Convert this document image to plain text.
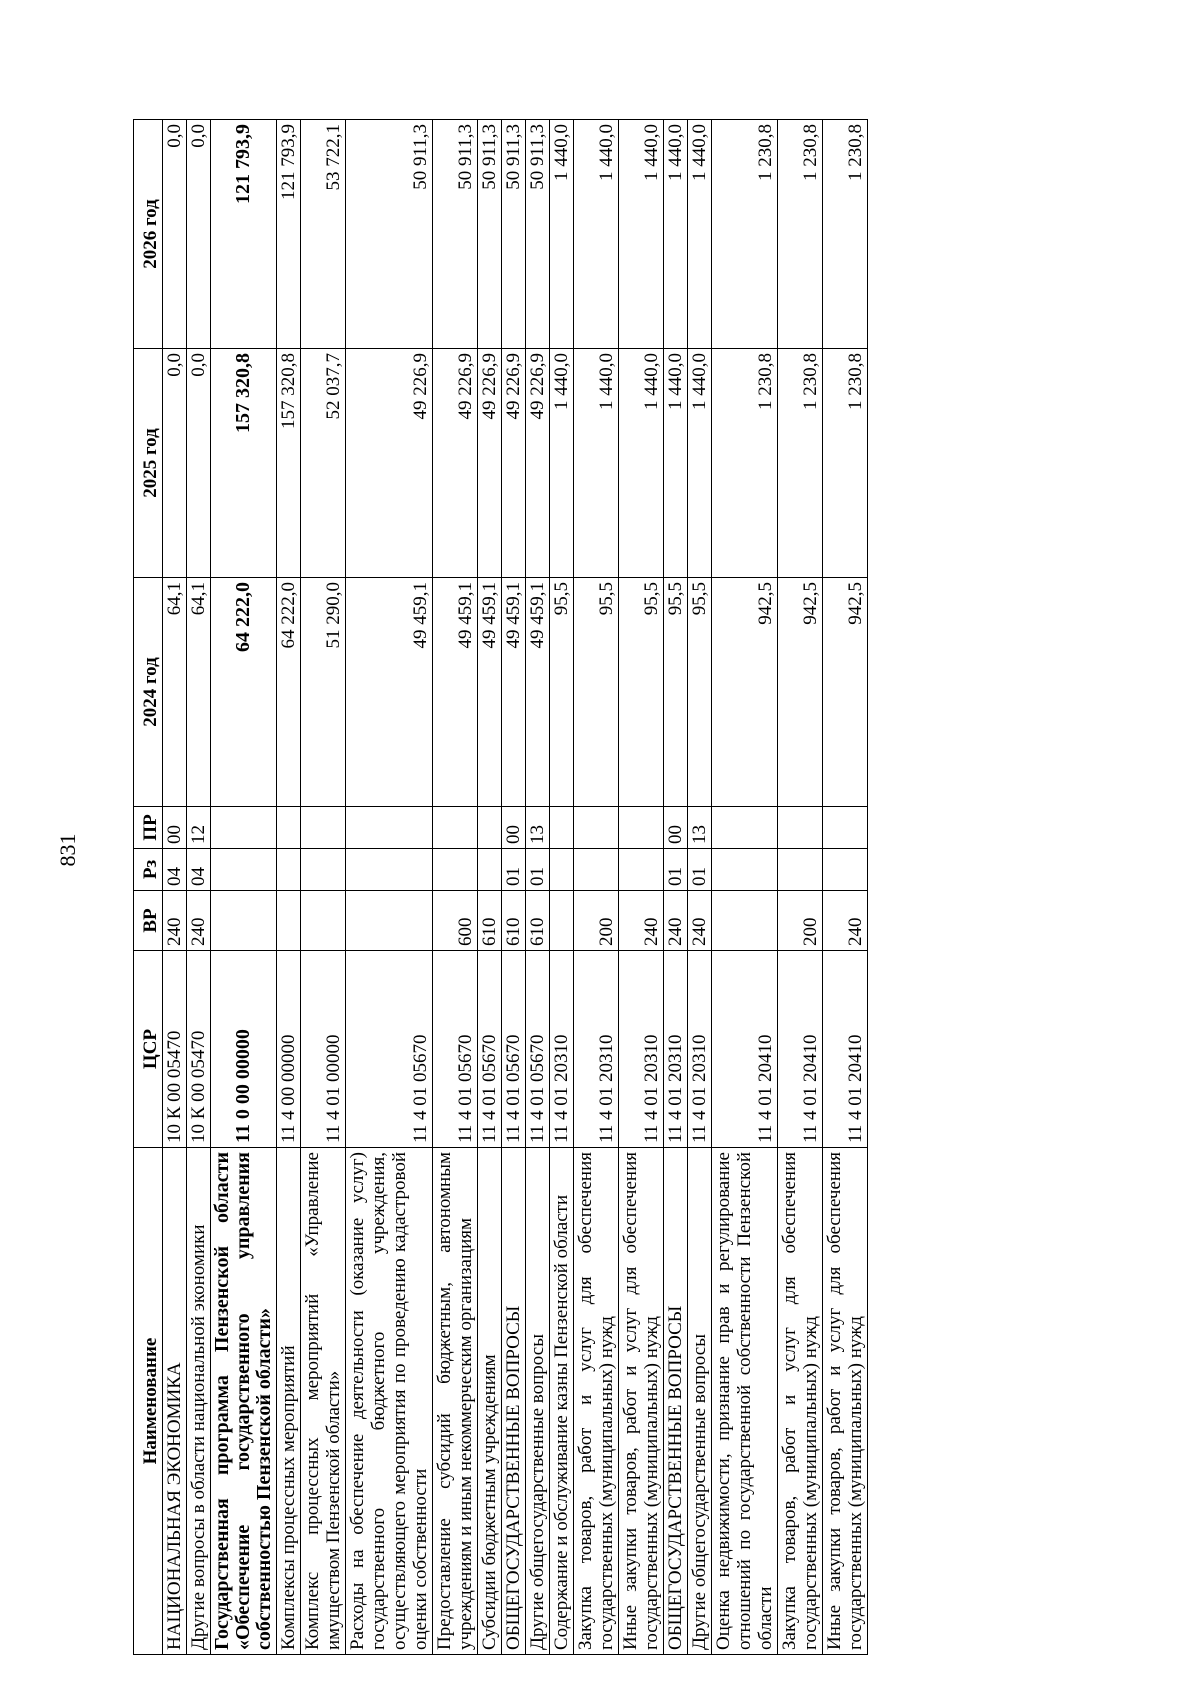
831
Наименование	ЦСР	ВР	Рз	ПР	2024 год	2025 год	2026 год
НАЦИОНАЛЬНАЯ ЭКОНОМИКА	10 К 00 05470	240	04	00	64,1	0,0	0,0
Другие вопросы в области национальной экономики	10 К 00 05470	240	04	12	64,1	0,0	0,0
Государственная программа Пензенской области «Обеспечение государственного управления собственностью Пензенской области»	11 0 00 00000				64 222,0	157 320,8	121 793,9
Комплексы процессных мероприятий	11 4 00 00000				64 222,0	157 320,8	121 793,9
Комплекс процессных мероприятий «Управление имуществом Пензенской области»	11 4 01 00000				51 290,0	52 037,7	53 722,1
Расходы на обеспечение деятельности (оказание услуг) государственного бюджетного учреждения, осуществляющего мероприятия по проведению кадастровой оценки собственности	11 4 01 05670				49 459,1	49 226,9	50 911,3
Предоставление субсидий бюджетным, автономным учреждениям и иным некоммерческим организациям	11 4 01 05670	600			49 459,1	49 226,9	50 911,3
Субсидии бюджетным учреждениям	11 4 01 05670	610			49 459,1	49 226,9	50 911,3
ОБЩЕГОСУДАРСТВЕННЫЕ ВОПРОСЫ	11 4 01 05670	610	01	00	49 459,1	49 226,9	50 911,3
Другие общегосударственные вопросы	11 4 01 05670	610	01	13	49 459,1	49 226,9	50 911,3
Содержание и обслуживание казны Пензенской области	11 4 01 20310				95,5	1 440,0	1 440,0
Закупка товаров, работ и услуг для обеспечения государственных (муниципальных) нужд	11 4 01 20310	200			95,5	1 440,0	1 440,0
Иные закупки товаров, работ и услуг для обеспечения государственных (муниципальных) нужд	11 4 01 20310	240			95,5	1 440,0	1 440,0
ОБЩЕГОСУДАРСТВЕННЫЕ ВОПРОСЫ	11 4 01 20310	240	01	00	95,5	1 440,0	1 440,0
Другие общегосударственные вопросы	11 4 01 20310	240	01	13	95,5	1 440,0	1 440,0
Оценка недвижимости, признание прав и регулирование отношений по государственной собственности Пензенской области	11 4 01 20410				942,5	1 230,8	1 230,8
Закупка товаров, работ и услуг для обеспечения государственных (муниципальных) нужд	11 4 01 20410	200			942,5	1 230,8	1 230,8
Иные закупки товаров, работ и услуг для обеспечения государственных (муниципальных) нужд	11 4 01 20410	240			942,5	1 230,8	1 230,8
